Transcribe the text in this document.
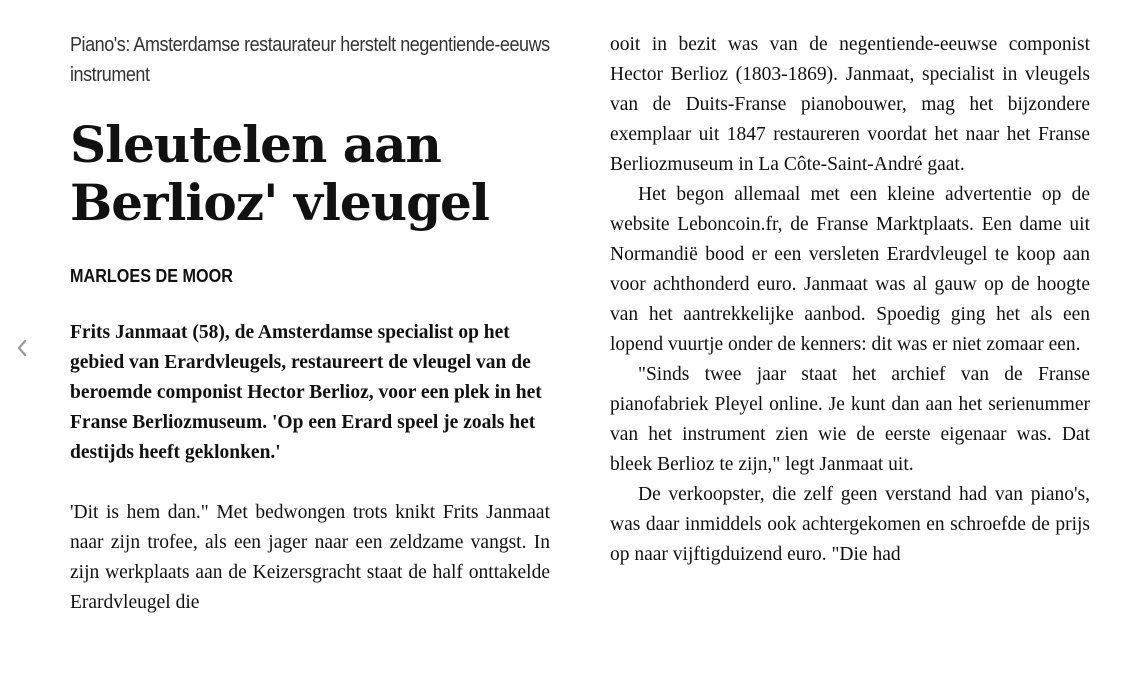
Piano's: Amsterdamse restaurateur herstelt negentiende-eeuws instrument

Sleutelen aan Berlioz' vleugel
MARLOES DE MOOR

Frits Janmaat (58), de Amsterdamse specialist op het gebied van Erardvleugels, restaureert de vleugel van de beroemde componist Hector Berlioz, voor een plek in het Franse Berliozmuseum. 'Op een Erard speel je zoals het destijds heeft geklonken.'

'Dit is hem dan." Met bedwongen trots knikt Frits Janmaat naar zijn trofee, als een jager naar een zeldzame vangst. In zijn werkplaats aan de Keizersgracht staat de half onttakelde Erardvleugel die

ooit in bezit was van de negentiende-eeuwse componist Hector Berlioz (1803-1869). Janmaat, specialist in vleugels van de Duits-Franse pianobouwer, mag het bijzondere exemplaar uit 1847 restaureren voordat het naar het Franse Berliozmuseum in La Côte-Saint-André gaat.

Het begon allemaal met een kleine advertentie op de website Leboncoin.fr, de Franse Marktplaats. Een dame uit Normandië bood er een versleten Erardvleugel te koop aan voor achthonderd euro. Janmaat was al gauw op de hoogte van het aantrekkelijke aanbod. Spoedig ging het als een lopend vuurtje onder de kenners: dit was er niet zomaar een.

"Sinds twee jaar staat het archief van de Franse pianofabriek Pleyel online. Je kunt dan aan het serienummer van het instrument zien wie de eerste eigenaar was. Dat bleek Berlioz te zijn," legt Janmaat uit.

De verkoopster, die zelf geen verstand had van piano's, was daar inmiddels ook achtergekomen en schroefde de prijs op naar vijftigduizend euro. "Die had
